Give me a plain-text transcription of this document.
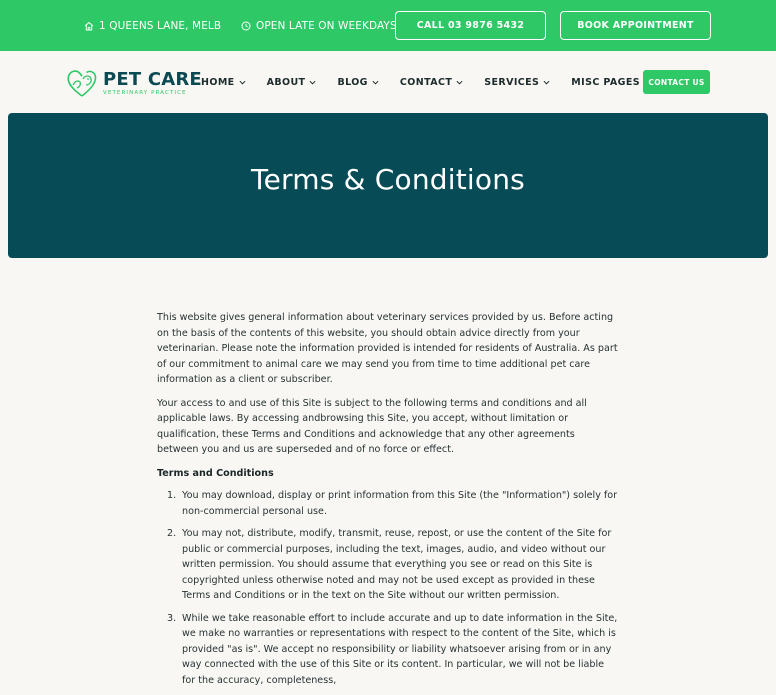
1 QUEENS LANE, MELB	OPEN LATE ON WEEKDAYS	CALL 03 9876 5432	BOOK APPOINTMENT
PET CARE
VETERINARY PRACTICE
HOME	ABOUT	BLOG	CONTACT	SERVICES	MISC PAGES	CONTACT US
Terms & Conditions

This website gives general information about veterinary services provided by us. Before acting on the basis of the contents of this website, you should obtain advice directly from your veterinarian. Please note the information provided is intended for residents of Australia. As part of our commitment to animal care we may send you from time to time additional pet care information as a client or subscriber.

Your access to and use of this Site is subject to the following terms and conditions and all applicable laws. By accessing andbrowsing this Site, you accept, without limitation or qualification, these Terms and Conditions and acknowledge that any other agreements between you and us are superseded and of no force or effect.

Terms and Conditions
1. You may download, display or print information from this Site (the "Information") solely for non-commercial personal use.
2. You may not, distribute, modify, transmit, reuse, repost, or use the content of the Site for public or commercial purposes, including the text, images, audio, and video without our written permission. You should assume that everything you see or read on this Site is copyrighted unless otherwise noted and may not be used except as provided in these Terms and Conditions or in the text on the Site without our written permission.
3. While we take reasonable effort to include accurate and up to date information in the Site, we make no warranties or representations with respect to the content of the Site, which is provided "as is". We accept no responsibility or liability whatsoever arising from or in any way connected with the use of this Site or its content. In particular, we will not be liable for the accuracy, completeness,
